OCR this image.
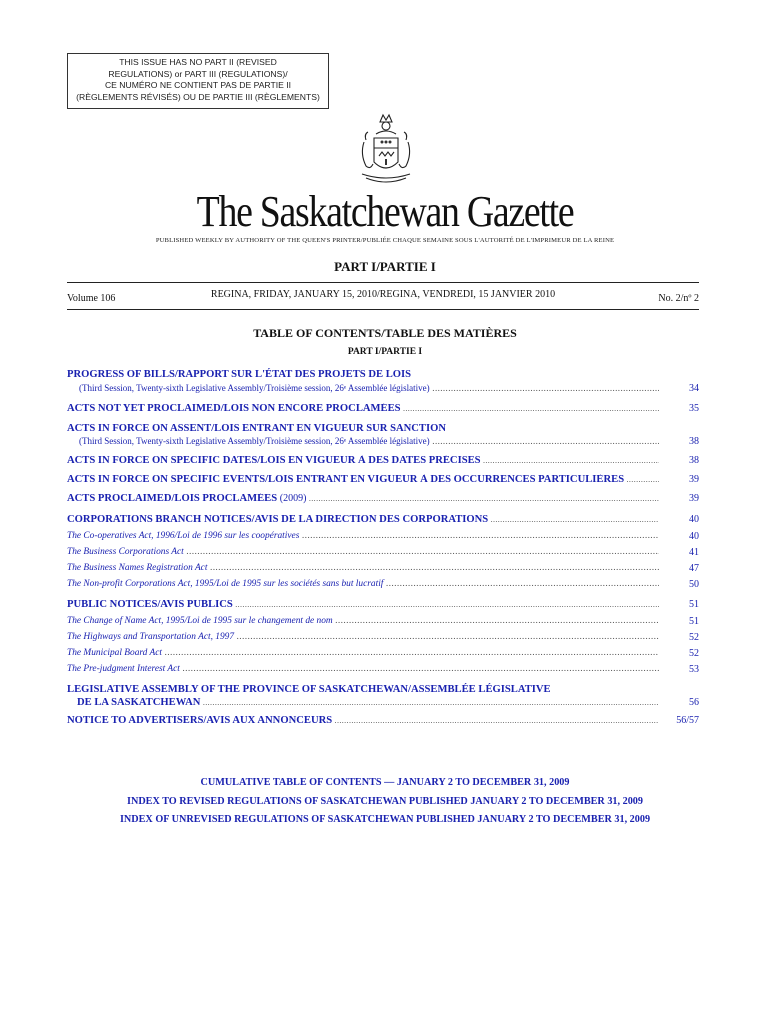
THIS ISSUE HAS NO PART II (REVISED
REGULATIONS) or PART III (REGULATIONS)/
CE NUMÉRO NE CONTIENT PAS DE PARTIE II
(RÈGLEMENTS RÉVISÉS) OU DE PARTIE III (RÈGLEMENTS)
The Saskatchewan Gazette
PUBLISHED WEEKLY BY AUTHORITY OF THE QUEEN'S PRINTER/PUBLIÉE CHAQUE SEMAINE SOUS L'AUTORITÉ DE L'IMPRIMEUR DE LA REINE
PART I/PARTIE I
Volume 106	REGINA, FRIDAY, JANUARY 15, 2010/REGINA, VENDREDI, 15 JANVIER 2010	No. 2/nº 2
TABLE OF CONTENTS/TABLE DES MATIÈRES
PART I/PARTIE I
PROGRESS OF BILLS/RAPPORT SUR L'ÉTAT DES PROJETS DE LOIS
(Third Session, Twenty-sixth Legislative Assembly/Troisième session, 26ᵉ Assemblée législative) .....	34
ACTS NOT YET PROCLAIMED/LOIS NON ENCORE PROCLAMÉES .....	35
ACTS IN FORCE ON ASSENT/LOIS ENTRANT EN VIGUEUR SUR SANCTION
(Third Session, Twenty-sixth Legislative Assembly/Troisième session, 26ᵉ Assemblée législative) .....	38
ACTS IN FORCE ON SPECIFIC DATES/LOIS EN VIGUEUR À DES DATES PRÉCISES .....	38
ACTS IN FORCE ON SPECIFIC EVENTS/LOIS ENTRANT EN VIGUEUR À DES OCCURRENCES PARTICULIÈRES .....	39
ACTS PROCLAIMED/LOIS PROCLAMÉES (2009) .....	39
CORPORATIONS BRANCH NOTICES/AVIS DE LA DIRECTION DES CORPORATIONS .....	40
The Co-operatives Act, 1996/Loi de 1996 sur les coopératives .....	40
The Business Corporations Act .....	41
The Business Names Registration Act .....	47
The Non-profit Corporations Act, 1995/Loi de 1995 sur les sociétés sans but lucratif .....	50
PUBLIC NOTICES/AVIS PUBLICS .....	51
The Change of Name Act, 1995/Loi de 1995 sur le changement de nom .....	51
The Highways and Transportation Act, 1997 .....	52
The Municipal Board Act .....	52
The Pre-judgment Interest Act .....	53
LEGISLATIVE ASSEMBLY OF THE PROVINCE OF SASKATCHEWAN/ASSEMBLÉE LÉGISLATIVE
DE LA SASKATCHEWAN .....	56
NOTICE TO ADVERTISERS/AVIS AUX ANNONCEURS .....	56/57
CUMULATIVE TABLE OF CONTENTS — JANUARY 2 TO DECEMBER 31, 2009
INDEX TO REVISED REGULATIONS OF SASKATCHEWAN PUBLISHED JANUARY 2 TO DECEMBER 31, 2009
INDEX OF UNREVISED REGULATIONS OF SASKATCHEWAN PUBLISHED JANUARY 2 TO DECEMBER 31, 2009
